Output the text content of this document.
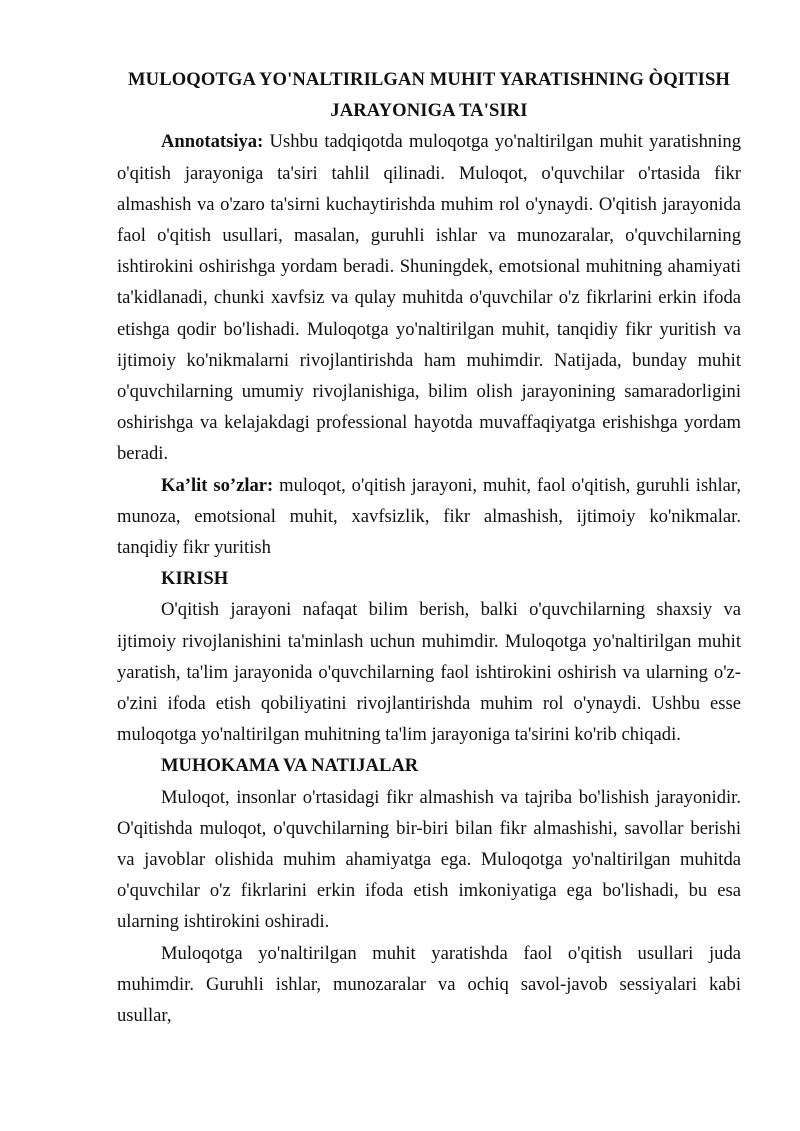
MULOQOTGA YO'NALTIRILGAN MUHIT YARATISHNING ÒQITISH JARAYONIGA TA'SIRI

Annotatsiya: Ushbu tadqiqotda muloqotga yo'naltirilgan muhit yaratishning o'qitish jarayoniga ta'siri tahlil qilinadi. Muloqot, o'quvchilar o'rtasida fikr almashish va o'zaro ta'sirni kuchaytirishda muhim rol o'ynaydi. O'qitish jarayonida faol o'qitish usullari, masalan, guruhli ishlar va munozaralar, o'quvchilarning ishtirokini oshirishga yordam beradi. Shuningdek, emotsional muhitning ahamiyati ta'kidlanadi, chunki xavfsiz va qulay muhitda o'quvchilar o'z fikrlarini erkin ifoda etishga qodir bo'lishadi. Muloqotga yo'naltirilgan muhit, tanqidiy fikr yuritish va ijtimoiy ko'nikmalarni rivojlantirishda ham muhimdir. Natijada, bunday muhit o'quvchilarning umumiy rivojlanishiga, bilim olish jarayonining samaradorligini oshirishga va kelajakdagi professional hayotda muvaffaqiyatga erishishga yordam beradi.

Ka’lit so’zlar: muloqot, o'qitish jarayoni, muhit, faol o'qitish, guruhli ishlar, munoza, emotsional muhit, xavfsizlik, fikr almashish, ijtimoiy ko'nikmalar. tanqidiy fikr yuritish

KIRISH

O'qitish jarayoni nafaqat bilim berish, balki o'quvchilarning shaxsiy va ijtimoiy rivojlanishini ta'minlash uchun muhimdir. Muloqotga yo'naltirilgan muhit yaratish, ta'lim jarayonida o'quvchilarning faol ishtirokini oshirish va ularning o'z-o'zini ifoda etish qobiliyatini rivojlantirishda muhim rol o'ynaydi. Ushbu esse muloqotga yo'naltirilgan muhitning ta'lim jarayoniga ta'sirini ko'rib chiqadi.

MUHOKAMA VA NATIJALAR

Muloqot, insonlar o'rtasidagi fikr almashish va tajriba bo'lishish jarayonidir. O'qitishda muloqot, o'quvchilarning bir-biri bilan fikr almashishi, savollar berishi va javoblar olishida muhim ahamiyatga ega. Muloqotga yo'naltirilgan muhitda o'quvchilar o'z fikrlarini erkin ifoda etish imkoniyatiga ega bo'lishadi, bu esa ularning ishtirokini oshiradi.

Muloqotga yo'naltirilgan muhit yaratishda faol o'qitish usullari juda muhimdir. Guruhli ishlar, munozaralar va ochiq savol-javob sessiyalari kabi usullar,
